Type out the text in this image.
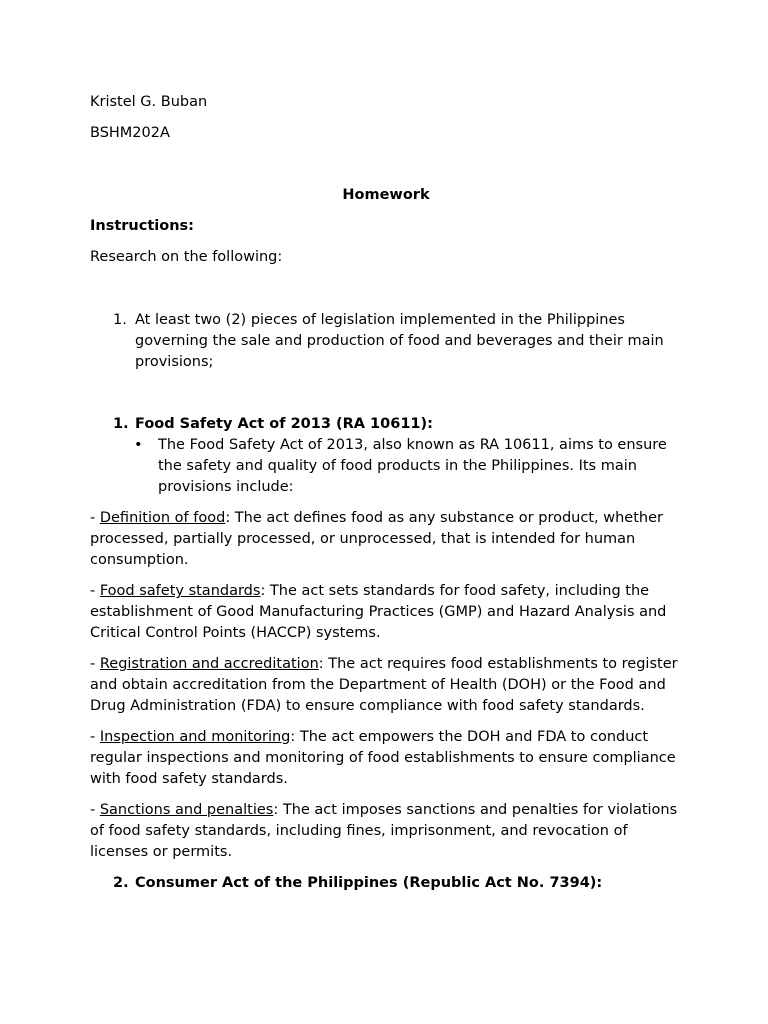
Kristel G. Buban

BSHM202A

Homework

Instructions:

Research on the following:

1. At least two (2) pieces of legislation implemented in the Philippines governing the sale and production of food and beverages and their main provisions;
1. Food Safety Act of 2013 (RA 10611):
• The Food Safety Act of 2013, also known as RA 10611, aims to ensure the safety and quality of food products in the Philippines. Its main provisions include:

- Definition of food: The act defines food as any substance or product, whether processed, partially processed, or unprocessed, that is intended for human consumption.

- Food safety standards: The act sets standards for food safety, including the establishment of Good Manufacturing Practices (GMP) and Hazard Analysis and Critical Control Points (HACCP) systems.

- Registration and accreditation: The act requires food establishments to register and obtain accreditation from the Department of Health (DOH) or the Food and Drug Administration (FDA) to ensure compliance with food safety standards.

- Inspection and monitoring: The act empowers the DOH and FDA to conduct regular inspections and monitoring of food establishments to ensure compliance with food safety standards.

- Sanctions and penalties: The act imposes sanctions and penalties for violations of food safety standards, including fines, imprisonment, and revocation of licenses or permits.

2. Consumer Act of the Philippines (Republic Act No. 7394):
